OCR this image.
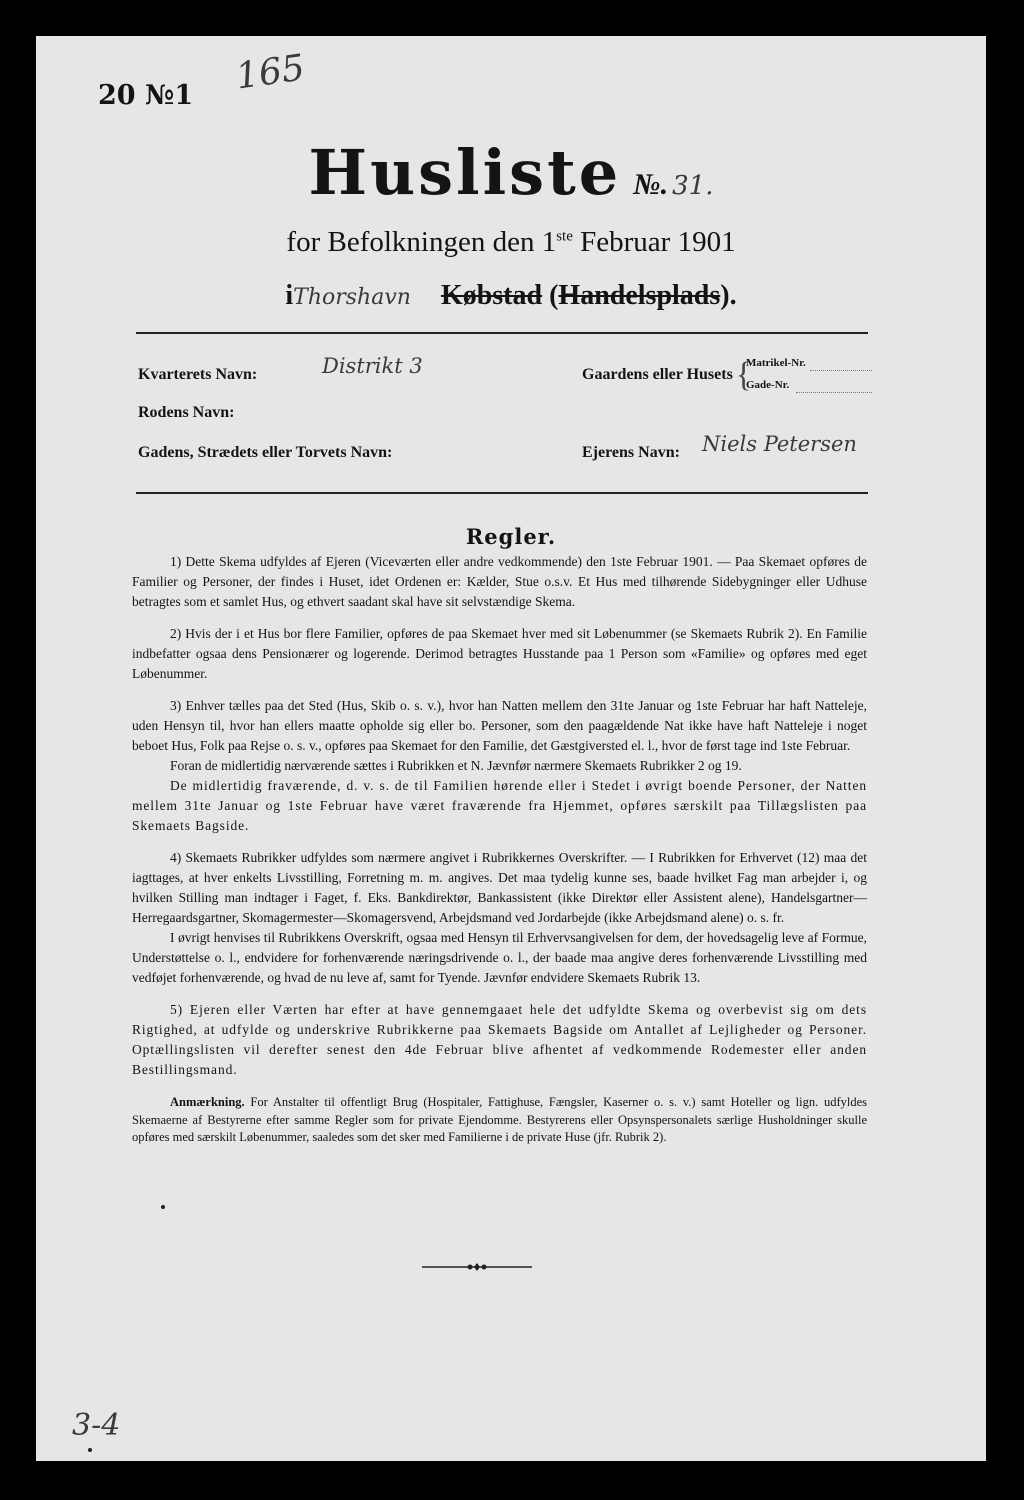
20 №1 165
Husliste №. 31.
for Befolkningen den 1ste Februar 1901
iThorshavn Købstad (Handelsplads).
Kvarterets Navn:	Distrikt 3	Gaardens eller Husets {
Matrikel-Nr.
Gade-Nr.
Rodens Navn:
Gadens, Strædets eller Torvets Navn:	Ejerens Navn: Niels Petersen
Regler.

1) Dette Skema udfyldes af Ejeren (Viceværten eller andre vedkommende) den 1ste Februar 1901. — Paa Skemaet opføres de Familier og Personer, der findes i Huset, idet Ordenen er: Kælder, Stue o.s.v. Et Hus med tilhørende Sidebygninger eller Udhuse betragtes som et samlet Hus, og ethvert saadant skal have sit selvstændige Skema.

2) Hvis der i et Hus bor flere Familier, opføres de paa Skemaet hver med sit Løbenummer (se Skemaets Rubrik 2). En Familie indbefatter ogsaa dens Pensionærer og logerende. Derimod betragtes Husstande paa 1 Person som «Familie» og opføres med eget Løbenummer.

3) Enhver tælles paa det Sted (Hus, Skib o. s. v.), hvor han Natten mellem den 31te Januar og 1ste Februar har haft Natteleje, uden Hensyn til, hvor han ellers maatte opholde sig eller bo. Personer, som den paagældende Nat ikke have haft Natteleje i noget beboet Hus, Folk paa Rejse o. s. v., opføres paa Skemaet for den Familie, det Gæstgiversted el. l., hvor de først tage ind 1ste Februar.

Foran de midlertidig nærværende sættes i Rubrikken et N. Jævnfør nærmere Skemaets Rubrikker 2 og 19.

De midlertidig fraværende, d. v. s. de til Familien hørende eller i Stedet i øvrigt boende Personer, der Natten mellem 31te Januar og 1ste Februar have været fraværende fra Hjemmet, opføres særskilt paa Tillægslisten paa Skemaets Bagside.

4) Skemaets Rubrikker udfyldes som nærmere angivet i Rubrikkernes Overskrifter. — I Rubrikken for Erhvervet (12) maa det iagttages, at hver enkelts Livsstilling, Forretning m. m. angives. Det maa tydelig kunne ses, baade hvilket Fag man arbejder i, og hvilken Stilling man indtager i Faget, f. Eks. Bankdirektør, Bankassistent (ikke Direktør eller Assistent alene), Handelsgartner—Herregaardsgartner, Skomagermester—Skomagersvend, Arbejdsmand ved Jordarbejde (ikke Arbejdsmand alene) o. s. fr.

I øvrigt henvises til Rubrikkens Overskrift, ogsaa med Hensyn til Erhvervsangivelsen for dem, der hovedsagelig leve af Formue, Understøttelse o. l., endvidere for forhenværende næringsdrivende o. l., der baade maa angive deres forhenværende Livsstilling med vedføjet forhenværende, og hvad de nu leve af, samt for Tyende. Jævnfør endvidere Skemaets Rubrik 13.

5) Ejeren eller Værten har efter at have gennemgaaet hele det udfyldte Skema og overbevist sig om dets Rigtighed, at udfylde og underskrive Rubrikkerne paa Skemaets Bagside om Antallet af Lejligheder og Personer. Optællingslisten vil derefter senest den 4de Februar blive afhentet af vedkommende Rodemester eller anden Bestillingsmand.

Anmærkning. For Anstalter til offentligt Brug (Hospitaler, Fattighuse, Fængsler, Kaserner o. s. v.) samt Hoteller og lign. udfyldes Skemaerne af Bestyrerne efter samme Regler som for private Ejendomme. Bestyrerens eller Opsynspersonalets særlige Husholdninger skulle opføres med særskilt Løbenummer, saaledes som det sker med Familierne i de private Huse (jfr. Rubrik 2).

3-4
